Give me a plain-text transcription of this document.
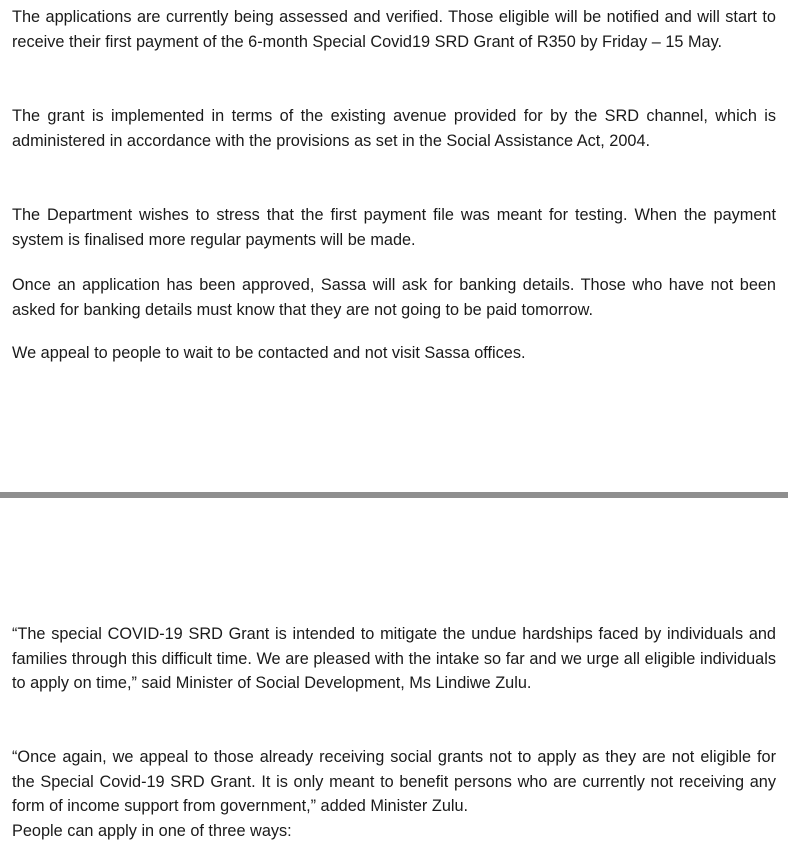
The applications are currently being assessed and verified. Those eligible will be notified and will start to receive their first payment of the 6-month Special Covid19 SRD Grant of R350 by Friday – 15 May.

The grant is implemented in terms of the existing avenue provided for by the SRD channel, which is administered in accordance with the provisions as set in the Social Assistance Act, 2004.

The Department wishes to stress that the first payment file was meant for testing. When the payment system is finalised more regular payments will be made.

Once an application has been approved, Sassa will ask for banking details. Those who have not been asked for banking details must know that they are not going to be paid tomorrow.

We appeal to people to wait to be contacted and not visit Sassa offices.

“The special COVID-19 SRD Grant is intended to mitigate the undue hardships faced by individuals and families through this difficult time. We are pleased with the intake so far and we urge all eligible individuals to apply on time,” said Minister of Social Development, Ms Lindiwe Zulu.

“Once again, we appeal to those already receiving social grants not to apply as they are not eligible for the Special Covid-19 SRD Grant. It is only meant to benefit persons who are currently not receiving any form of income support from government,” added Minister Zulu.

People can apply in one of three ways:
